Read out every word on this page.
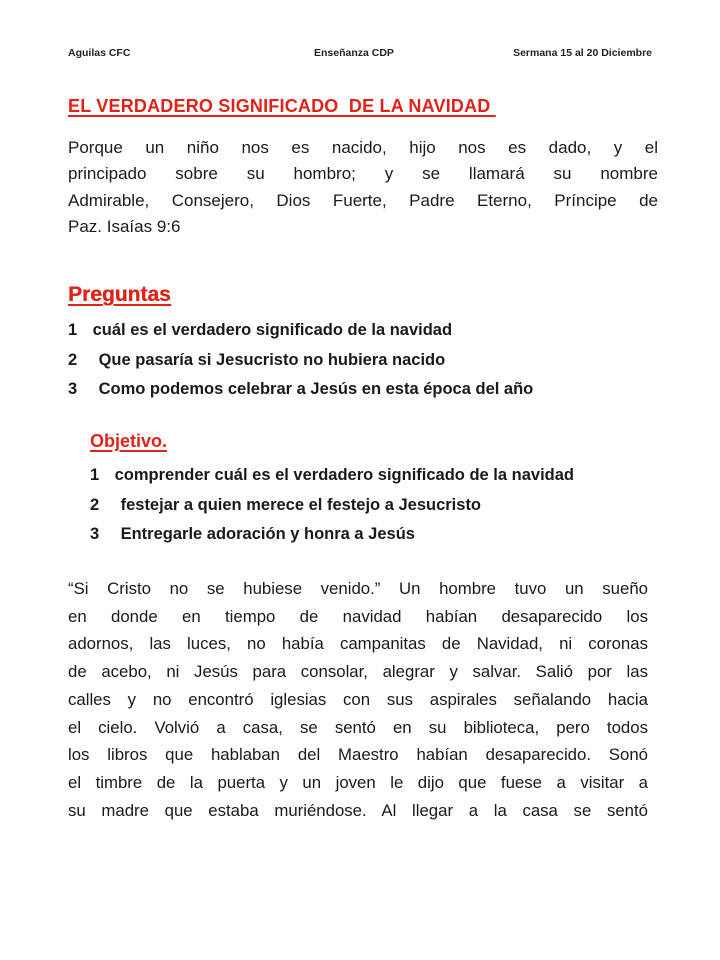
Aguilas CFC	Enseñanza CDP	Sermana 15 al 20 Diciembre
EL VERDADERO SIGNIFICADO  DE LA NAVIDAD
Porque un niño nos es nacido, hijo nos es dado, y el
principado sobre su hombro; y se llamará su nombre
Admirable, Consejero, Dios Fuerte, Padre Eterno, Príncipe de
Paz. Isaías 9:6
Preguntas
1 cuál es el verdadero significado de la navidad
2 Que pasaría si Jesucristo no hubiera nacido
3 Como podemos celebrar a Jesús en esta época del año
Objetivo.
1 comprender cuál es el verdadero significado de la navidad
2 festejar a quien merece el festejo a Jesucristo
3 Entregarle adoración y honra a Jesús
“Si Cristo no se hubiese venido.” Un hombre tuvo un sueño
en donde en tiempo de navidad habían desaparecido los
adornos, las luces, no había campanitas de Navidad, ni coronas
de acebo, ni Jesús para consolar, alegrar y salvar. Salió por las
calles y no encontró iglesias con sus aspirales señalando hacia
el cielo. Volvió a casa, se sentó en su biblioteca, pero todos
los libros que hablaban del Maestro habían desaparecido. Sonó
el timbre de la puerta y un joven le dijo que fuese a visitar a
su madre que estaba muriéndose. Al llegar a la casa se sentó
